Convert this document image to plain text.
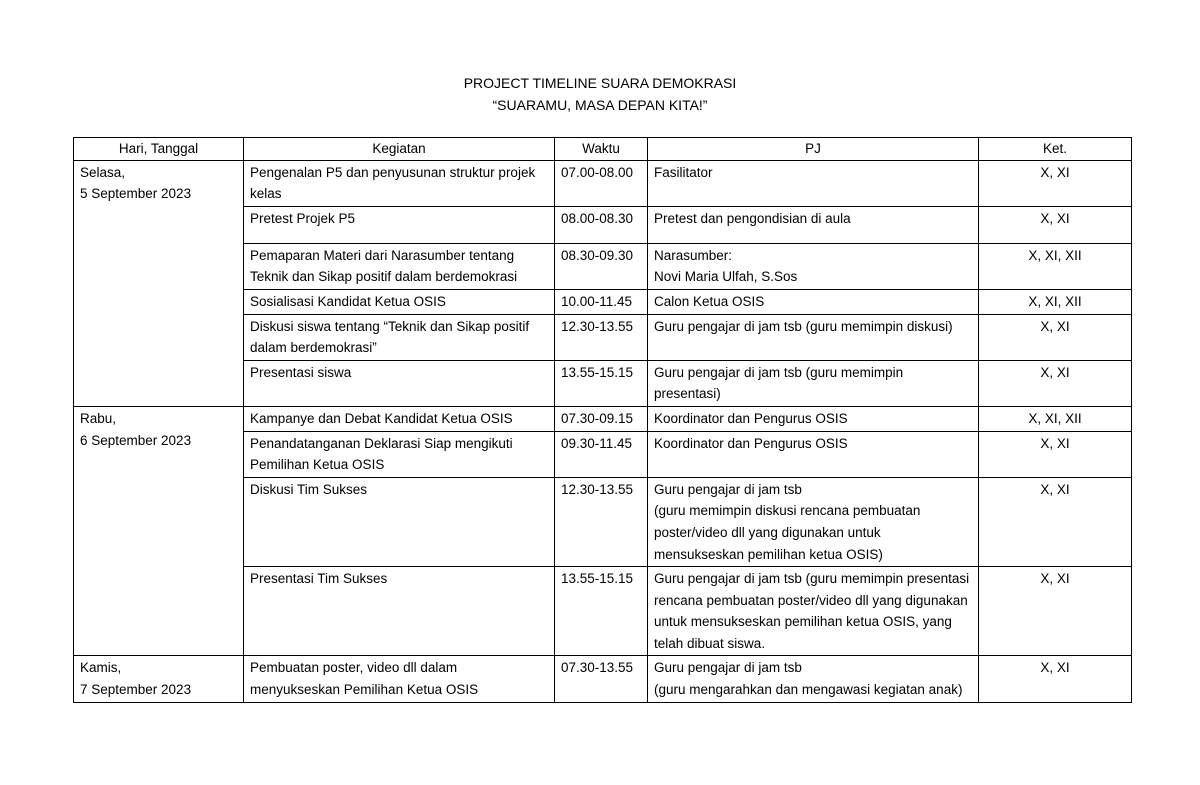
PROJECT TIMELINE SUARA DEMOKRASI
“SUARAMU, MASA DEPAN KITA!”
Hari, Tanggal	Kegiatan	Waktu	PJ	Ket.

Selasa,
5 September 2023	Pengenalan P5 dan penyusunan struktur projek kelas	07.00-08.00	Fasilitator	X, XI
	Pretest Projek P5	08.00-08.30	Pretest dan pengondisian di aula	X, XI
	Pemaparan Materi dari Narasumber tentang Teknik dan Sikap positif dalam berdemokrasi	08.30-09.30	Narasumber:
Novi Maria Ulfah, S.Sos	X, XI, XII
	Sosialisasi Kandidat Ketua OSIS	10.00-11.45	Calon Ketua OSIS	X, XI, XII
	Diskusi siswa tentang “Teknik dan Sikap positif dalam berdemokrasi”	12.30-13.55	Guru pengajar di jam tsb (guru memimpin diskusi)	X, XI
	Presentasi siswa	13.55-15.15	Guru pengajar di jam tsb (guru memimpin presentasi)	X, XI

Rabu,
6 September 2023	Kampanye dan Debat Kandidat Ketua OSIS	07.30-09.15	Koordinator dan Pengurus OSIS	X, XI, XII
	Penandatanganan Deklarasi Siap mengikuti Pemilihan Ketua OSIS	09.30-11.45	Koordinator dan Pengurus OSIS	X, XI
	Diskusi Tim Sukses	12.30-13.55	Guru pengajar di jam tsb
(guru memimpin diskusi rencana pembuatan poster/video dll yang digunakan untuk mensukseskan pemilihan ketua OSIS)	X, XI
	Presentasi Tim Sukses	13.55-15.15	Guru pengajar di jam tsb (guru memimpin presentasi rencana pembuatan poster/video dll yang digunakan untuk mensukseskan pemilihan ketua OSIS, yang telah dibuat siswa.	X, XI

Kamis,
7 September 2023	Pembuatan poster, video dll dalam menyukseskan Pemilihan Ketua OSIS	07.30-13.55	Guru pengajar di jam tsb
(guru mengarahkan dan mengawasi kegiatan anak)	X, XI
